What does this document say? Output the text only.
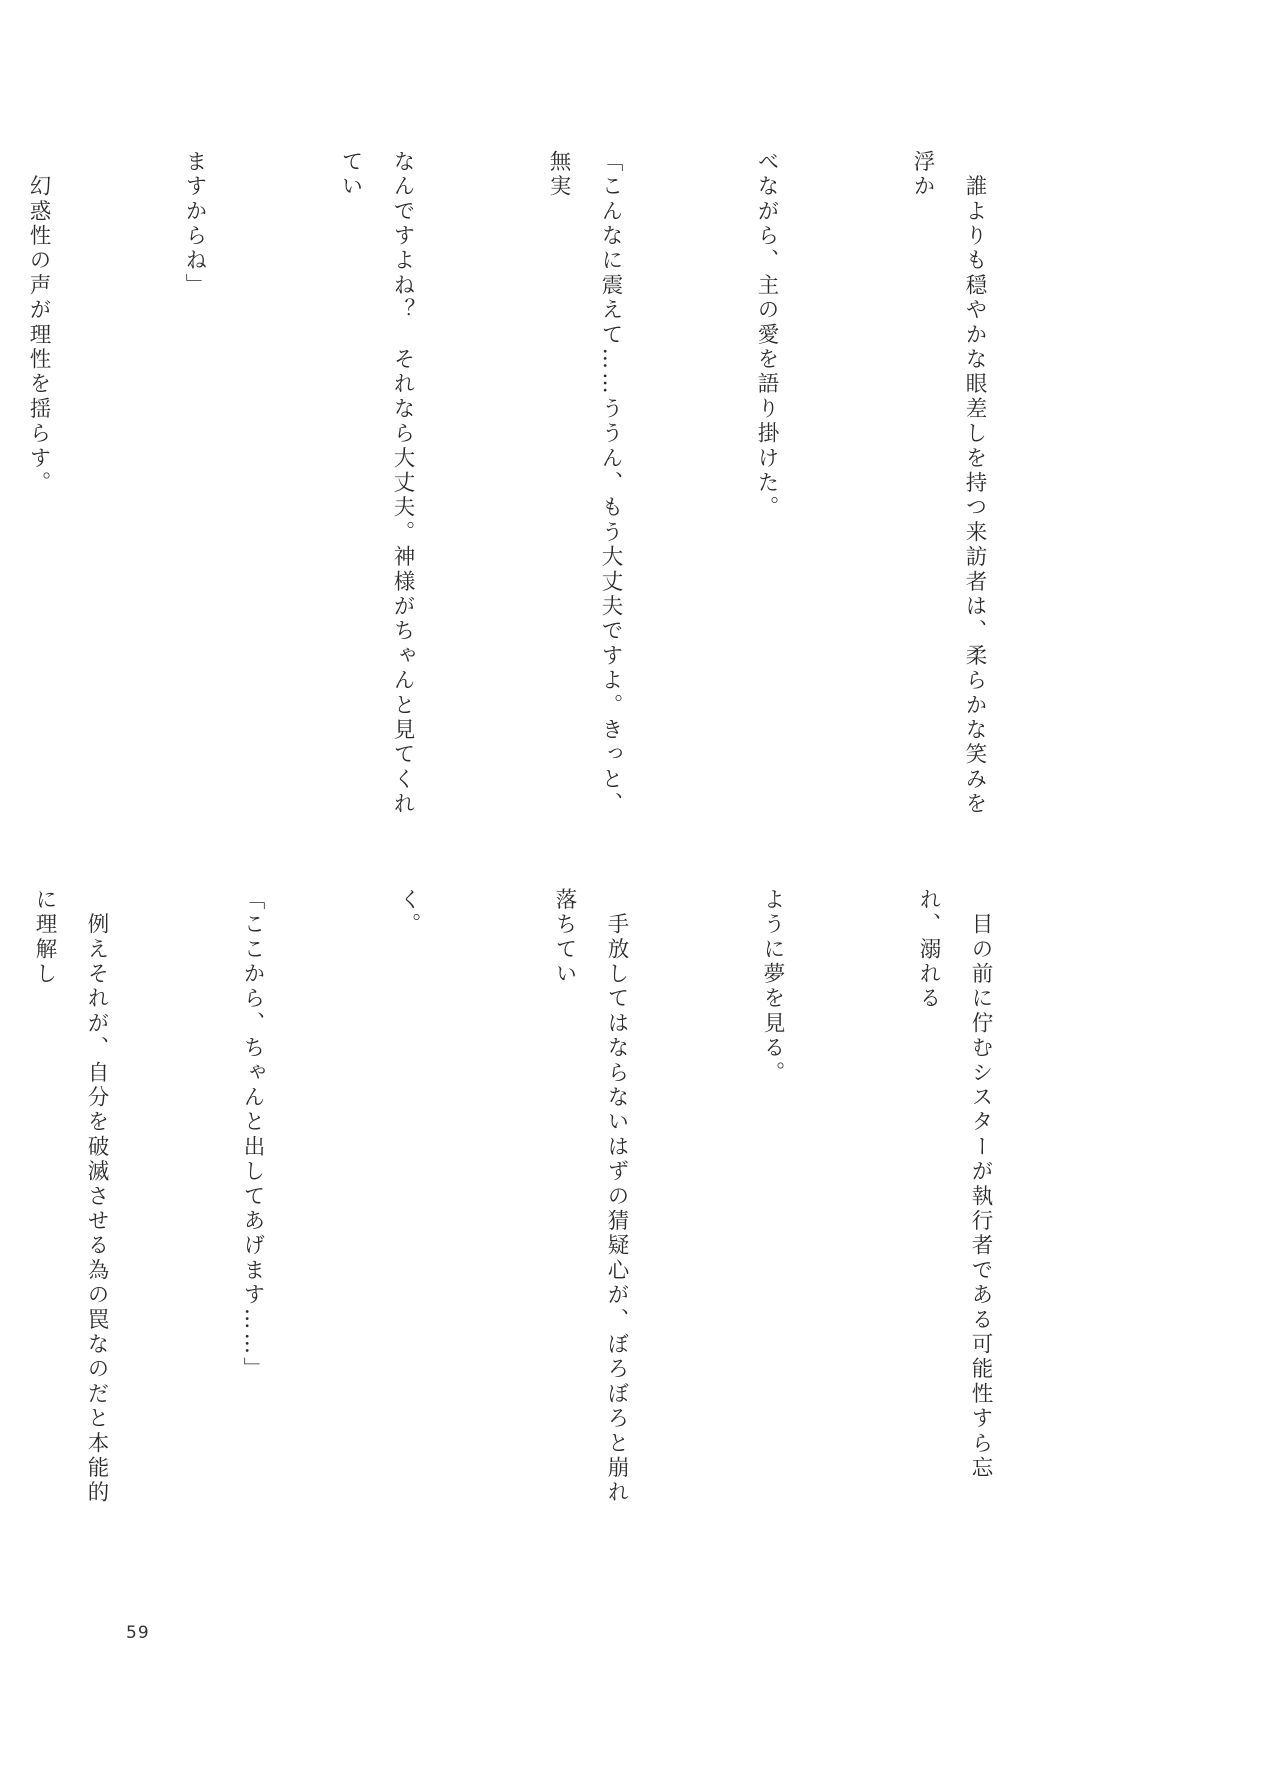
　誰よりも穏やかな眼差しを持つ来訪者は、柔らかな笑みを浮か

べながら、主の愛を語り掛けた。

「こんなに震えて……ううん、もう大丈夫ですよ。きっと、無実

なんですよね？　それなら大丈夫。神様がちゃんと見てくれてい

ますからね」

　幻惑性の声が理性を揺らす。

　目の前に佇むシスターが執行者である可能性すら忘れ、溺れる

ように夢を見る。

　手放してはならないはずの猜疑心が、ぼろぼろと崩れ落ちてい

く。

「ここから、ちゃんと出してあげます……」

　例えそれが、自分を破滅させる為の罠なのだと本能的に理解し

59
